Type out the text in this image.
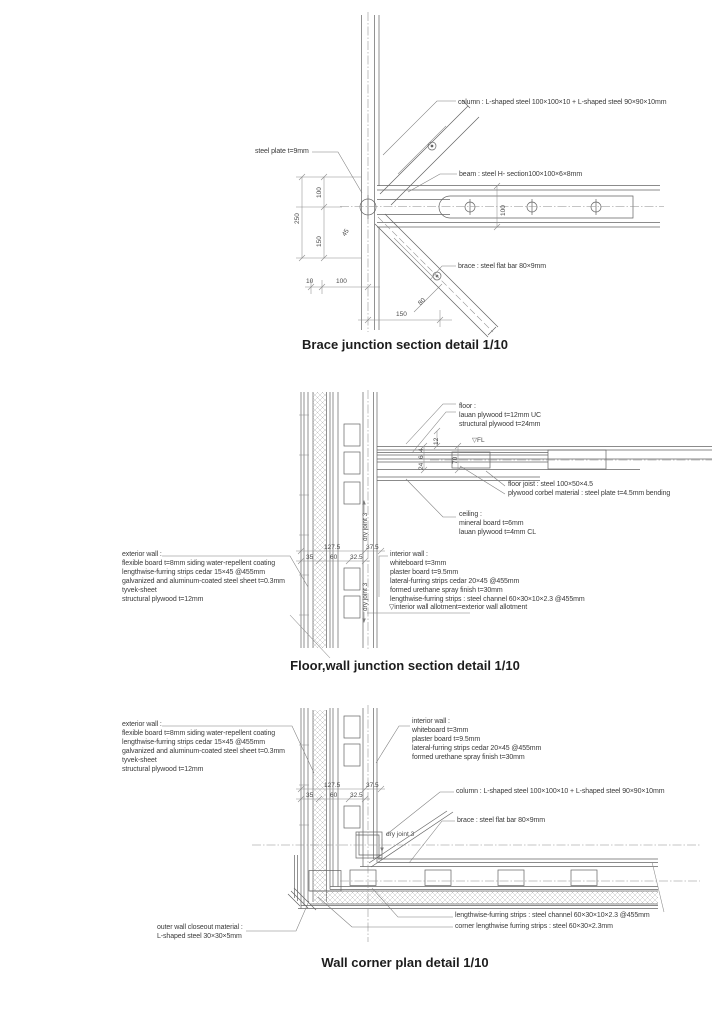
column : L-shaped steel 100×100×10 + L-shaped steel 90×90×10mm
steel plate t=9mm
beam : steel H- section100×100×6×8mm
brace : steel flat bar 80×9mm
250
100
150
100
10	100
150
80
45
Brace junction section detail 1/10
floor :
lauan plywood t=12mm UC
structural plywood t=24mm
▽FL
floor joist : steel 100×50×4.5
plywood corbel material : steel plate t=4.5mm bending
ceiling :
mineral board t=6mm
lauan plywood t=4mm CL
exterior wall :
flexible board t=8mm siding water-repellent coating
lengthwise-furring strips cedar 15×45 @455mm
galvanized and aluminum-coated steel sheet t=0.3mm
tyvek-sheet
structural plywood t=12mm
interior wall :
whiteboard t=3mm
plaster board t=9.5mm
lateral-furring strips cedar 20×45 @455mm
formed urethane spray finish t=30mm
lengthwise-furring strips : steel channel 60×30×10×2.3 @455mm
▽interior wall allotment=exterior wall allotment
dry joint 3
dry joint 3
127.5	37.5
35	60 32.5
12
24
6
4
70
Floor,wall junction section detail 1/10
exterior wall :
flexible board t=8mm siding water-repellent coating
lengthwise-furring strips cedar 15×45 @455mm
galvanized and aluminum-coated steel sheet t=0.3mm
tyvek-sheet
structural plywood t=12mm
interior wall :
whiteboard t=3mm
plaster board t=9.5mm
lateral-furring strips cedar 20×45 @455mm
formed urethane spray finish t=30mm
column : L-shaped steel 100×100×10 + L-shaped steel 90×90×10mm
brace : steel flat bar 80×9mm
dry joint 3
lengthwise-furring strips : steel channel 60×30×10×2.3 @455mm
corner lengthwise furring strips : steel 60×30×2.3mm
outer wall closeout material :
L-shaped steel 30×30×5mm
127.5	37.5
35	60 32.5
Wall corner plan detail 1/10
